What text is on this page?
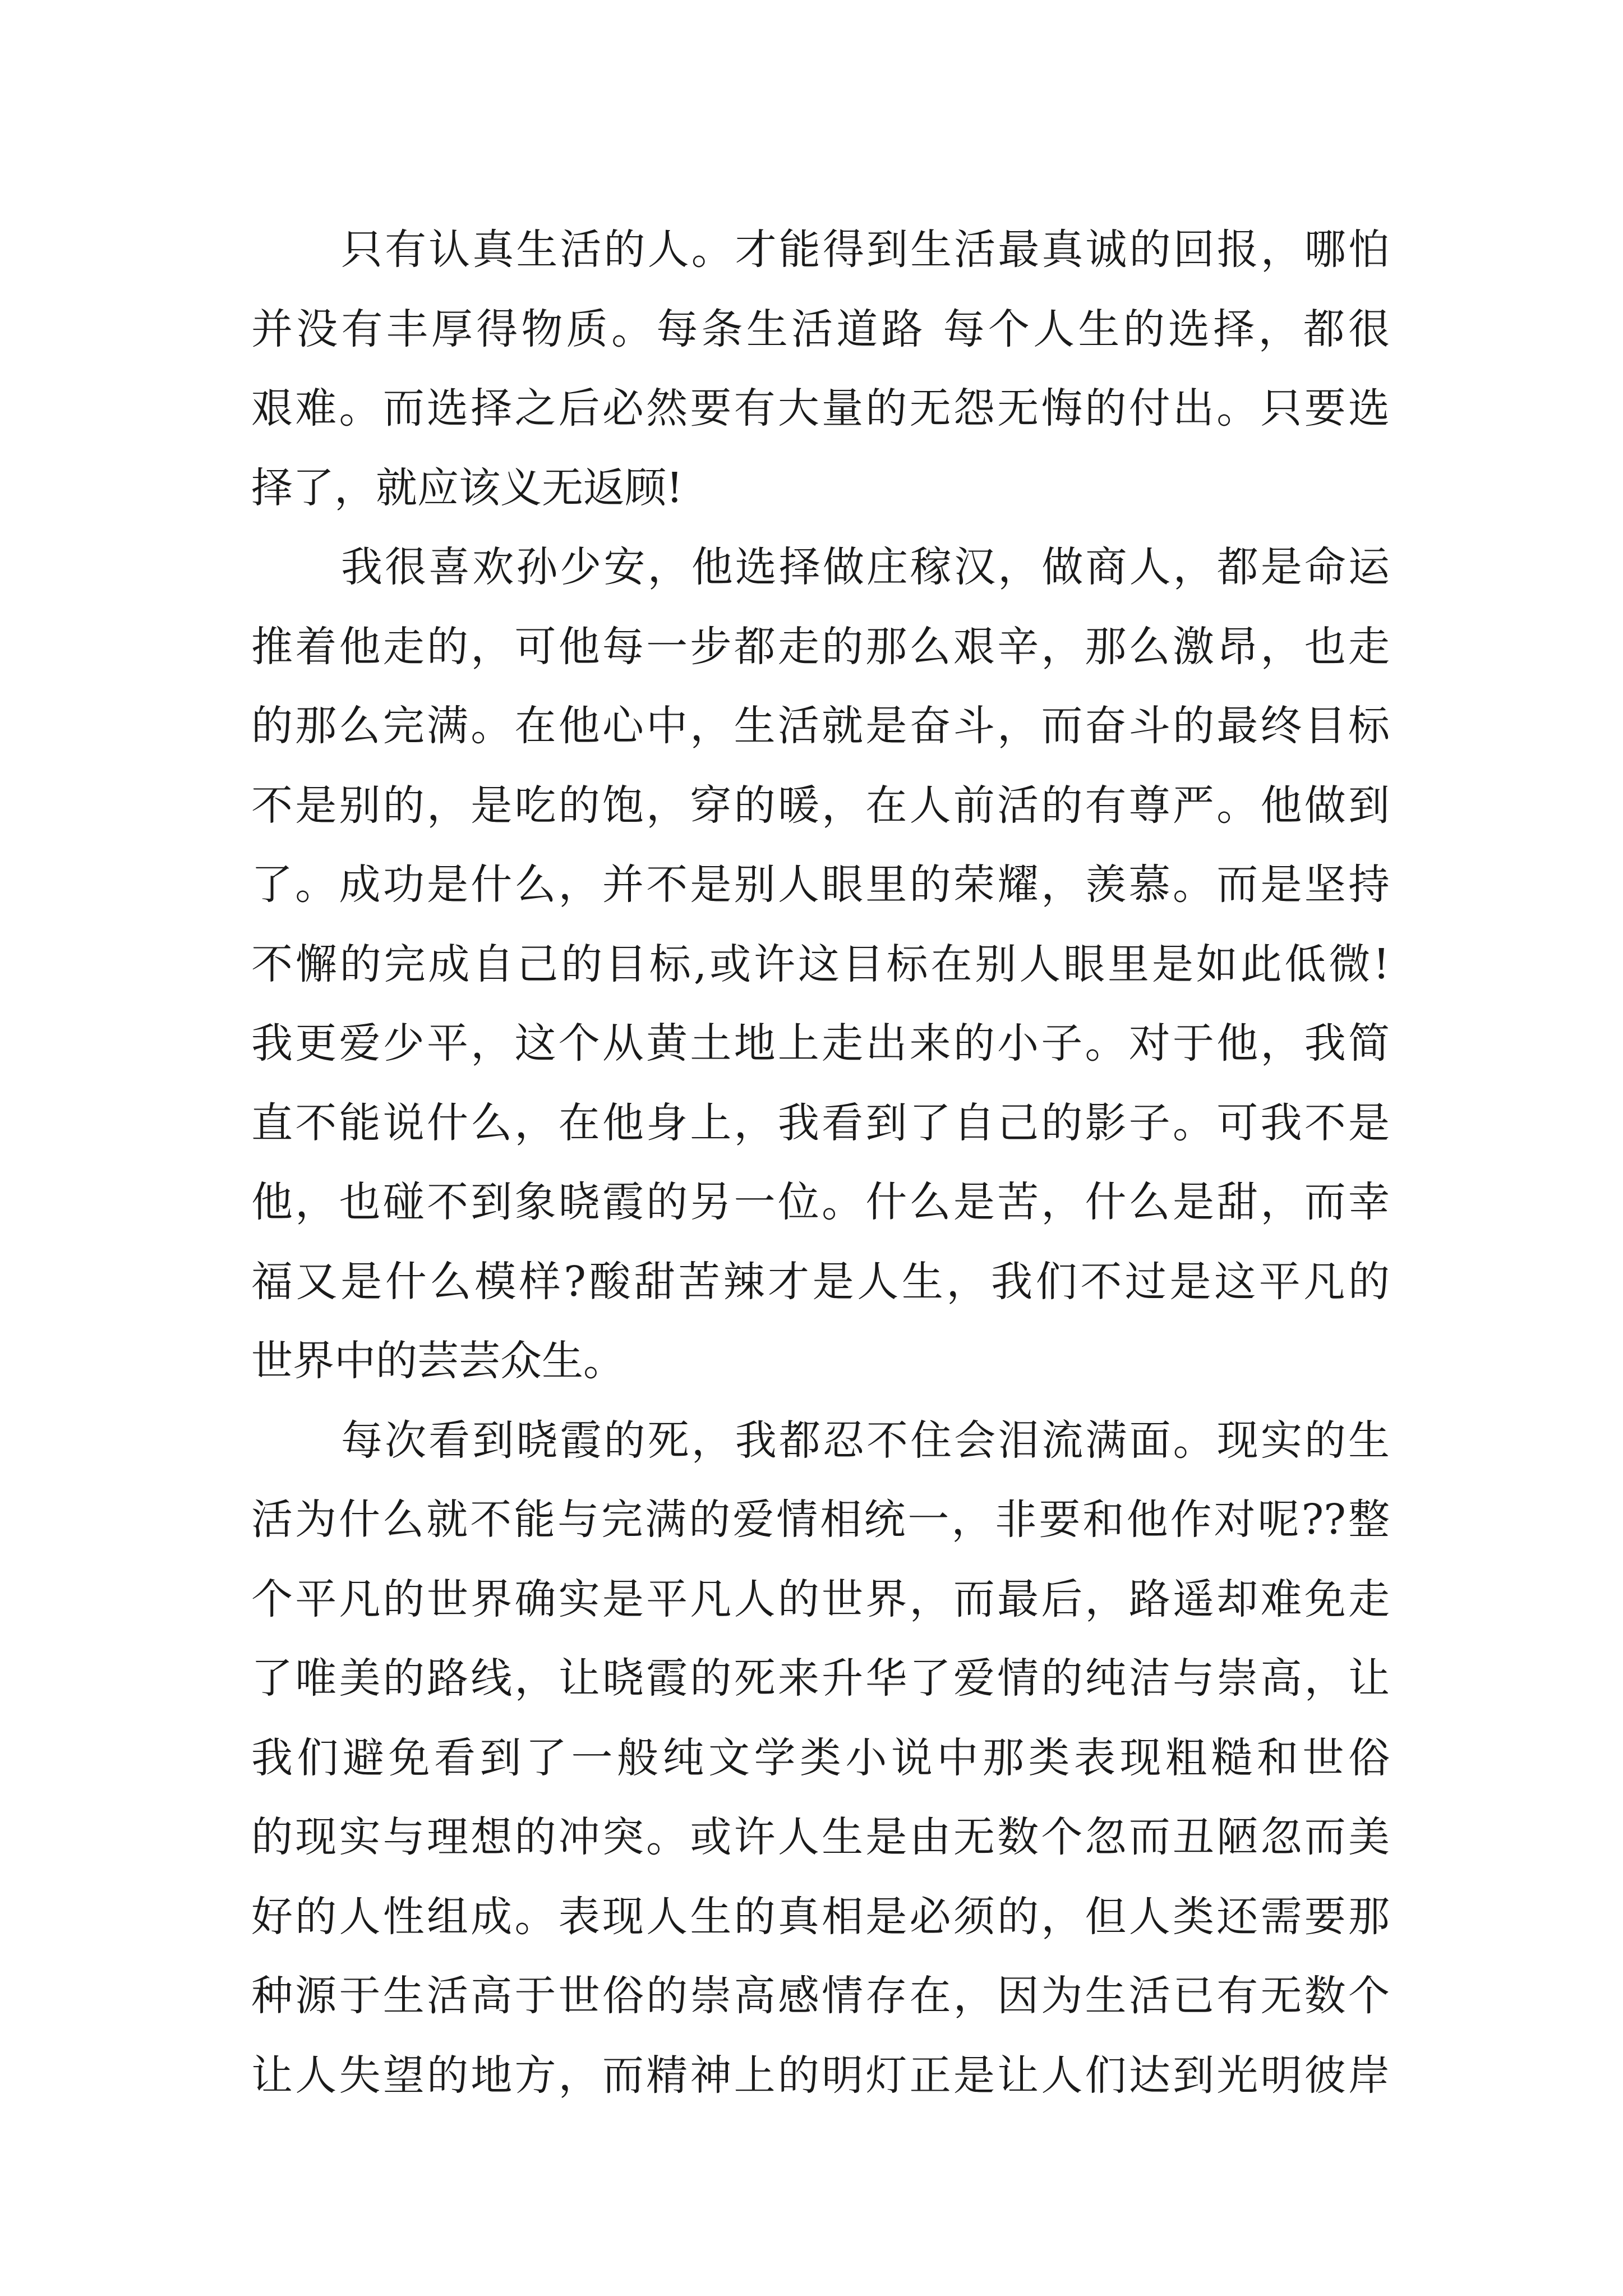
只有认真生活的人。才能得到生活最真诚的回报，哪怕
并没有丰厚得物质。每条生活道路 每个人生的选择，都很
艰难。而选择之后必然要有大量的无怨无悔的付出。只要选
择了，就应该义无返顾!
我很喜欢孙少安，他选择做庄稼汉，做商人，都是命运
推着他走的，可他每一步都走的那么艰辛，那么激昂，也走
的那么完满。在他心中，生活就是奋斗，而奋斗的最终目标
不是别的，是吃的饱，穿的暖，在人前活的有尊严。他做到
了。成功是什么，并不是别人眼里的荣耀，羡慕。而是坚持
不懈的完成自己的目标,或许这目标在别人眼里是如此低微!
我更爱少平，这个从黄土地上走出来的小子。对于他，我简
直不能说什么，在他身上，我看到了自己的影子。可我不是
他，也碰不到象晓霞的另一位。什么是苦，什么是甜，而幸
福又是什么模样?酸甜苦辣才是人生，我们不过是这平凡的
世界中的芸芸众生。
每次看到晓霞的死，我都忍不住会泪流满面。现实的生
活为什么就不能与完满的爱情相统一，非要和他作对呢??整
个平凡的世界确实是平凡人的世界，而最后，路遥却难免走
了唯美的路线，让晓霞的死来升华了爱情的纯洁与崇高，让
我们避免看到了一般纯文学类小说中那类表现粗糙和世俗
的现实与理想的冲突。或许人生是由无数个忽而丑陋忽而美
好的人性组成。表现人生的真相是必须的，但人类还需要那
种源于生活高于世俗的崇高感情存在，因为生活已有无数个
让人失望的地方，而精神上的明灯正是让人们达到光明彼岸
